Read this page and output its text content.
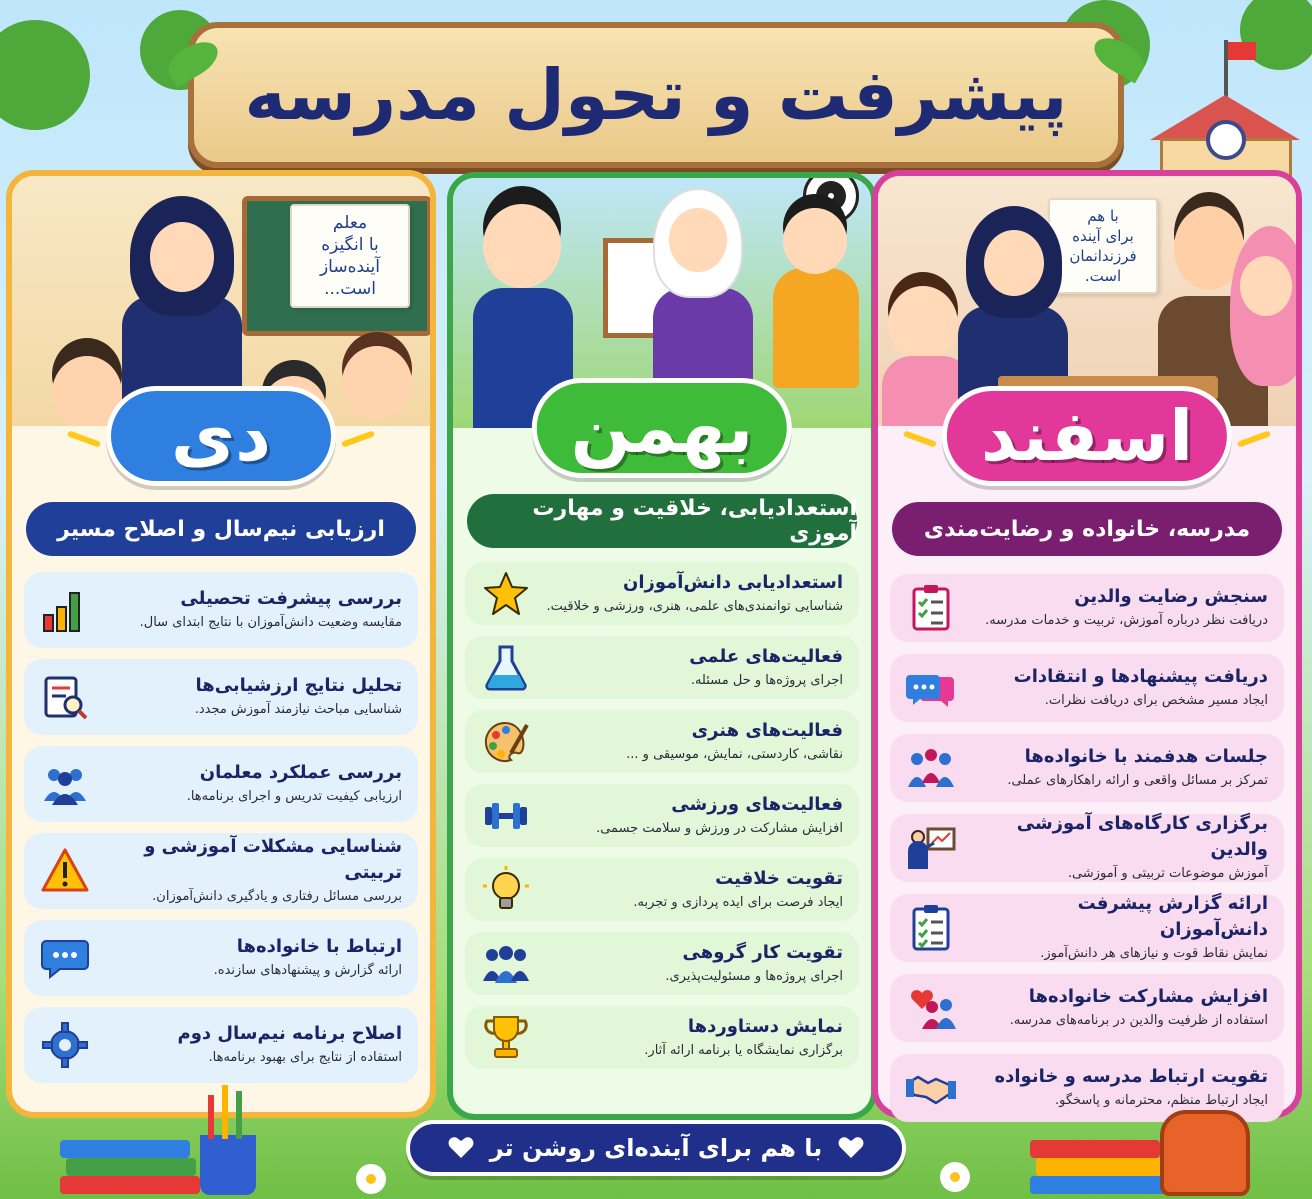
پیشرفت و تحول مدرسه
معلم
با انگیزه
آینده‌ساز
است...
دی
ارزیابی نیم‌سال و اصلاح مسیر
بررسی پیشرفت تحصیلی
مقایسه وضعیت دانش‌آموزان با نتایج ابتدای سال.
تحلیل نتایج ارزشیابی‌ها
شناسایی مباحث نیازمند آموزش مجدد.
بررسی عملکرد معلمان
ارزیابی کیفیت تدریس و اجرای برنامه‌ها.
شناسایی مشکلات آموزشی و تربیتی
بررسی مسائل رفتاری و یادگیری دانش‌آموزان.
ارتباط با خانواده‌ها
ارائه گزارش و پیشنهادهای سازنده.
اصلاح برنامه نیم‌سال دوم
استفاده از نتایج برای بهبود برنامه‌ها.
بهمن
استعدادیابی، خلاقیت و مهارت آموزی
استعدادیابی دانش‌آموزان
شناسایی توانمندی‌های علمی، هنری، ورزشی و خلاقیت.
فعالیت‌های علمی
اجرای پروژه‌ها و حل مسئله.
فعالیت‌های هنری
نقاشی، کاردستی، نمایش، موسیقی و ...
فعالیت‌های ورزشی
افزایش مشارکت در ورزش و سلامت جسمی.
تقویت خلاقیت
ایجاد فرصت برای ایده پردازی و تجربه.
تقویت کار گروهی
اجرای پروژه‌ها و مسئولیت‌پذیری.
نمایش دستاوردها
برگزاری نمایشگاه یا برنامه ارائه آثار.
با هم
برای آینده
فرزندانمان
است.
اسفند
مدرسه، خانواده و رضایت‌مندی
سنجش رضایت والدین
دریافت نظر درباره آموزش، تربیت و خدمات مدرسه.
دریافت پیشنهادها و انتقادات
ایجاد مسیر مشخص برای دریافت نظرات.
جلسات هدفمند با خانواده‌ها
تمرکز بر مسائل واقعی و ارائه راهکارهای عملی.
برگزاری کارگاه‌های آموزشی والدین
آموزش موضوعات تربیتی و آموزشی.
ارائه گزارش پیشرفت دانش‌آموزان
نمایش نقاط قوت و نیازهای هر دانش‌آموز.
افزایش مشارکت خانواده‌ها
استفاده از ظرفیت والدین در برنامه‌های مدرسه.
تقویت ارتباط مدرسه و خانواده
ایجاد ارتباط منظم، محترمانه و پاسخگو.
با هم برای آینده‌ای روشن تر
